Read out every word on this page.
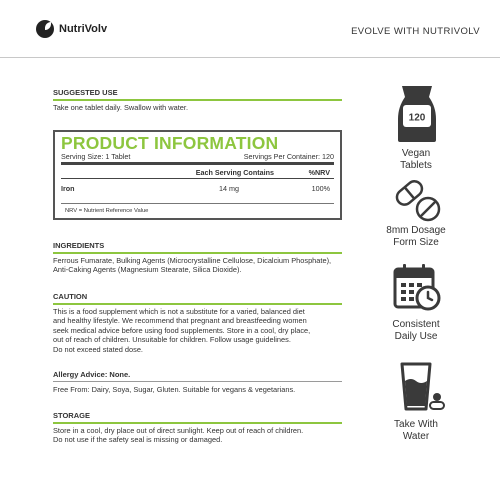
NutriVolv	EVOLVE WITH NUTRIVOLV
SUGGESTED USE
Take one tablet daily. Swallow with water.
PRODUCT INFORMATION
Serving Size: 1 Tablet	Servings Per Container: 120
Each Serving Contains	%NRV
Iron	14 mg	100%
NRV = Nutrient Reference Value
INGREDIENTS
Ferrous Fumarate, Bulking Agents (Microcrystalline Cellulose, Dicalcium Phosphate),
Anti-Caking Agents (Magnesium Stearate, Silica Dioxide).
CAUTION
This is a food supplement which is not a substitute for a varied, balanced diet
and healthy lifestyle. We recommend that pregnant and breastfeeding women
seek medical advice before using food supplements. Store in a cool, dry place,
out of reach of children. Unsuitable for children. Follow usage guidelines.
Do not exceed stated dose.
Allergy Advice: None.
Free From: Dairy, Soya, Sugar, Gluten. Suitable for vegans & vegetarians.
STORAGE
Store in a cool, dry place out of direct sunlight. Keep out of reach of children.
Do not use if the safety seal is missing or damaged.
120
Vegan
Tablets
8mm Dosage
Form Size
Consistent
Daily Use
Take With
Water
